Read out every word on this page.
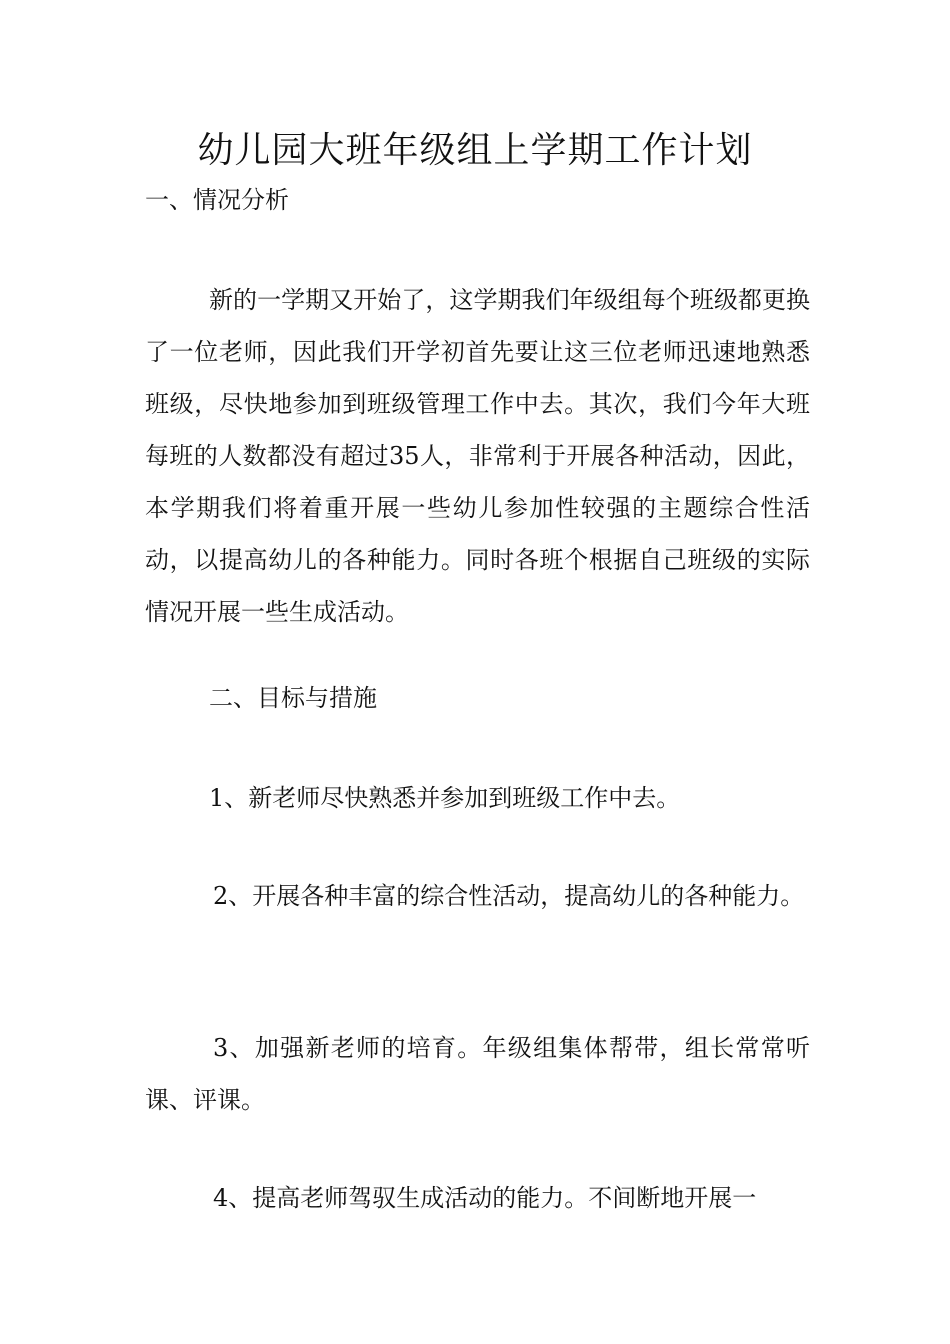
幼儿园大班年级组上学期工作计划

一、情况分析

新的一学期又开始了，这学期我们年级组每个班级都更换了一位老师，因此我们开学初首先要让这三位老师迅速地熟悉班级，尽快地参加到班级管理工作中去。其次，我们今年大班每班的人数都没有超过35人，非常利于开展各种活动，因此，本学期我们将着重开展一些幼儿参加性较强的主题综合性活动，以提高幼儿的各种能力。同时各班个根据自己班级的实际情况开展一些生成活动。

二、目标与措施

1、新老师尽快熟悉并参加到班级工作中去。

2、开展各种丰富的综合性活动，提高幼儿的各种能力。

3、加强新老师的培育。年级组集体帮带，组长常常听课、评课。

4、提高老师驾驭生成活动的能力。不间断地开展一
